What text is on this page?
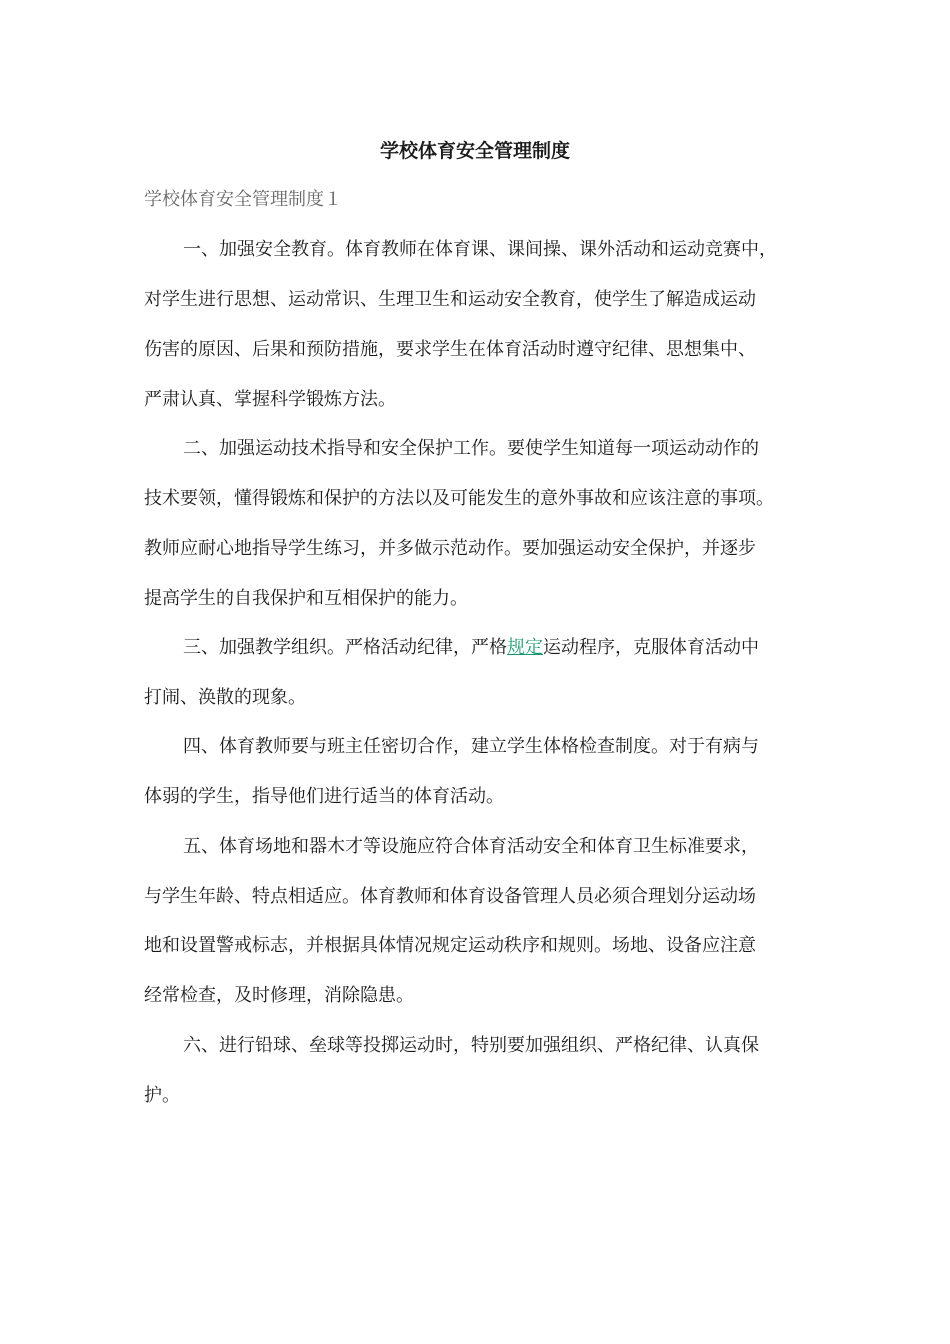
学校体育安全管理制度

学校体育安全管理制度１

一、加强安全教育。体育教师在体育课、课间操、课外活动和运动竞赛中，

对学生进行思想、运动常识、生理卫生和运动安全教育，使学生了解造成运动

伤害的原因、后果和预防措施，要求学生在体育活动时遵守纪律、思想集中、

严肃认真、掌握科学锻炼方法。

二、加强运动技术指导和安全保护工作。要使学生知道每一项运动动作的

技术要领，懂得锻炼和保护的方法以及可能发生的意外事故和应该注意的事项。

教师应耐心地指导学生练习，并多做示范动作。要加强运动安全保护，并逐步

提高学生的自我保护和互相保护的能力。

三、加强教学组织。严格活动纪律，严格规定运动程序，克服体育活动中

打闹、涣散的现象。

四、体育教师要与班主任密切合作，建立学生体格检查制度。对于有病与

体弱的学生，指导他们进行适当的体育活动。

五、体育场地和器木才等设施应符合体育活动安全和体育卫生标准要求，

与学生年龄、特点相适应。体育教师和体育设备管理人员必须合理划分运动场

地和设置警戒标志，并根据具体情况规定运动秩序和规则。场地、设备应注意

经常检查，及时修理，消除隐患。

六、进行铅球、垒球等投掷运动时，特别要加强组织、严格纪律、认真保

护。
